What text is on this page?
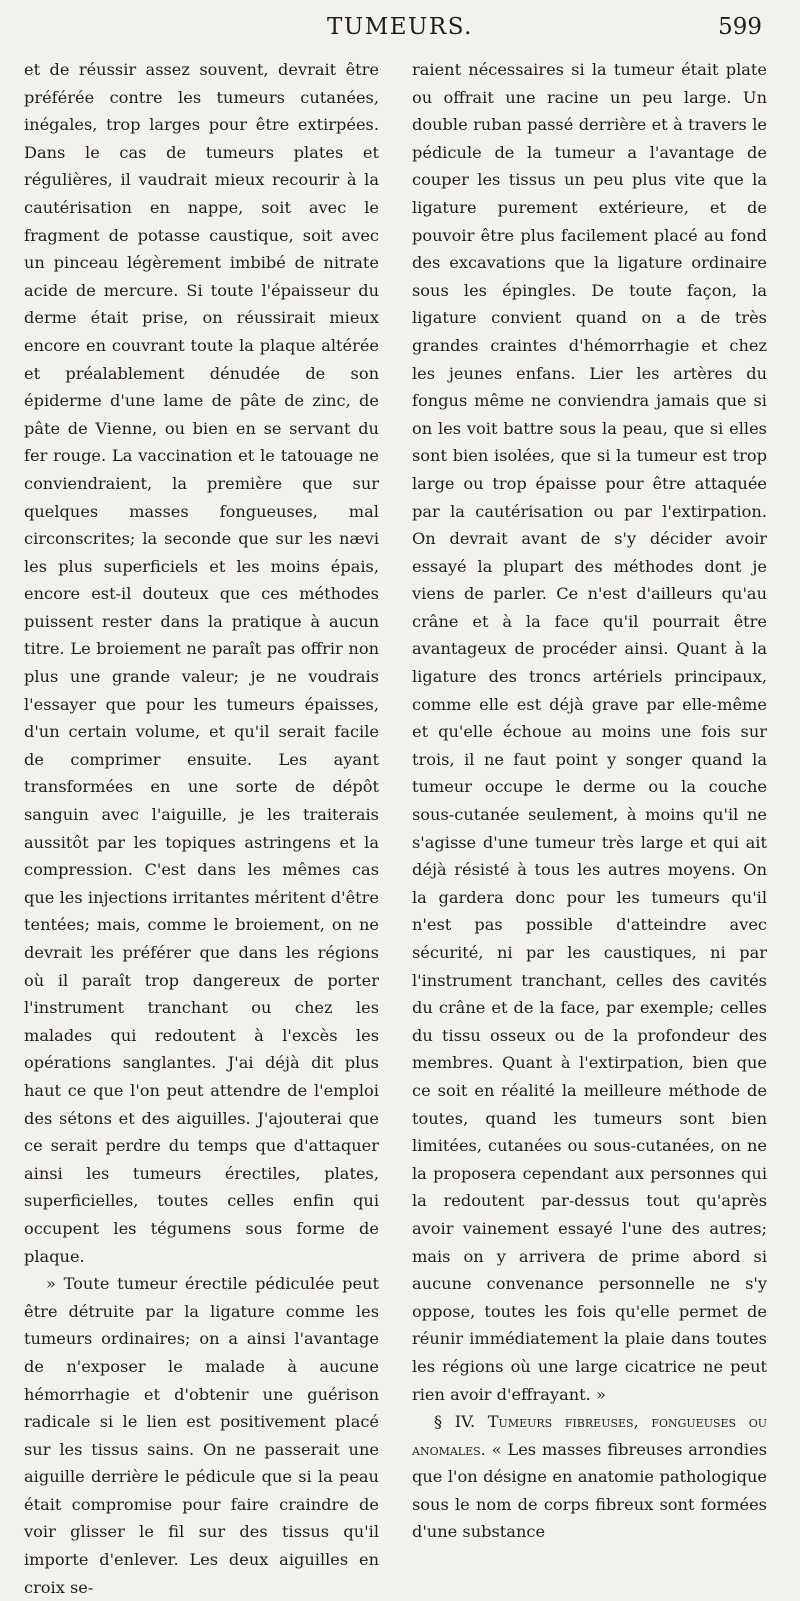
TUMEURS.	599

et de réussir assez souvent, devrait être préférée contre les tumeurs cutanées, inégales, trop larges pour être extirpées. Dans le cas de tumeurs plates et régulières, il vaudrait mieux recourir à la cautérisation en nappe, soit avec le fragment de potasse caustique, soit avec un pinceau légèrement imbibé de nitrate acide de mercure. Si toute l'épaisseur du derme était prise, on réussirait mieux encore en couvrant toute la plaque altérée et préalablement dénudée de son épiderme d'une lame de pâte de zinc, de pâte de Vienne, ou bien en se servant du fer rouge. La vaccination et le tatouage ne conviendraient, la première que sur quelques masses fongueuses, mal circonscrites; la seconde que sur les nævi les plus superficiels et les moins épais, encore est-il douteux que ces méthodes puissent rester dans la pratique à aucun titre. Le broiement ne paraît pas offrir non plus une grande valeur; je ne voudrais l'essayer que pour les tumeurs épaisses, d'un certain volume, et qu'il serait facile de comprimer ensuite. Les ayant transformées en une sorte de dépôt sanguin avec l'aiguille, je les traiterais aussitôt par les topiques astringens et la compression. C'est dans les mêmes cas que les injections irritantes méritent d'être tentées; mais, comme le broiement, on ne devrait les préférer que dans les régions où il paraît trop dangereux de porter l'instrument tranchant ou chez les malades qui redoutent à l'excès les opérations sanglantes. J'ai déjà dit plus haut ce que l'on peut attendre de l'emploi des sétons et des aiguilles. J'ajouterai que ce serait perdre du temps que d'attaquer ainsi les tumeurs érectiles, plates, superficielles, toutes celles enfin qui occupent les tégumens sous forme de plaque.

» Toute tumeur érectile pédiculée peut être détruite par la ligature comme les tumeurs ordinaires; on a ainsi l'avantage de n'exposer le malade à aucune hémorrhagie et d'obtenir une guérison radicale si le lien est positivement placé sur les tissus sains. On ne passerait une aiguille derrière le pédicule que si la peau était compromise pour faire craindre de voir glisser le fil sur des tissus qu'il importe d'enlever. Les deux aiguilles en croix se-

raient nécessaires si la tumeur était plate ou offrait une racine un peu large. Un double ruban passé derrière et à travers le pédicule de la tumeur a l'avantage de couper les tissus un peu plus vite que la ligature purement extérieure, et de pouvoir être plus facilement placé au fond des excavations que la ligature ordinaire sous les épingles. De toute façon, la ligature convient quand on a de très grandes craintes d'hémorrhagie et chez les jeunes enfans. Lier les artères du fongus même ne conviendra jamais que si on les voit battre sous la peau, que si elles sont bien isolées, que si la tumeur est trop large ou trop épaisse pour être attaquée par la cautérisation ou par l'extirpation. On devrait avant de s'y décider avoir essayé la plupart des méthodes dont je viens de parler. Ce n'est d'ailleurs qu'au crâne et à la face qu'il pourrait être avantageux de procéder ainsi. Quant à la ligature des troncs artériels principaux, comme elle est déjà grave par elle-même et qu'elle échoue au moins une fois sur trois, il ne faut point y songer quand la tumeur occupe le derme ou la couche sous-cutanée seulement, à moins qu'il ne s'agisse d'une tumeur très large et qui ait déjà résisté à tous les autres moyens. On la gardera donc pour les tumeurs qu'il n'est pas possible d'atteindre avec sécurité, ni par les caustiques, ni par l'instrument tranchant, celles des cavités du crâne et de la face, par exemple; celles du tissu osseux ou de la profondeur des membres. Quant à l'extirpation, bien que ce soit en réalité la meilleure méthode de toutes, quand les tumeurs sont bien limitées, cutanées ou sous-cutanées, on ne la proposera cependant aux personnes qui la redoutent par-dessus tout qu'après avoir vainement essayé l'une des autres; mais on y arrivera de prime abord si aucune convenance personnelle ne s'y oppose, toutes les fois qu'elle permet de réunir immédiatement la plaie dans toutes les régions où une large cicatrice ne peut rien avoir d'effrayant. »

§ IV. Tumeurs fibreuses, fongueuses ou anomales. « Les masses fibreuses arrondies que l'on désigne en anatomie pathologique sous le nom de corps fibreux sont formées d'une substance
